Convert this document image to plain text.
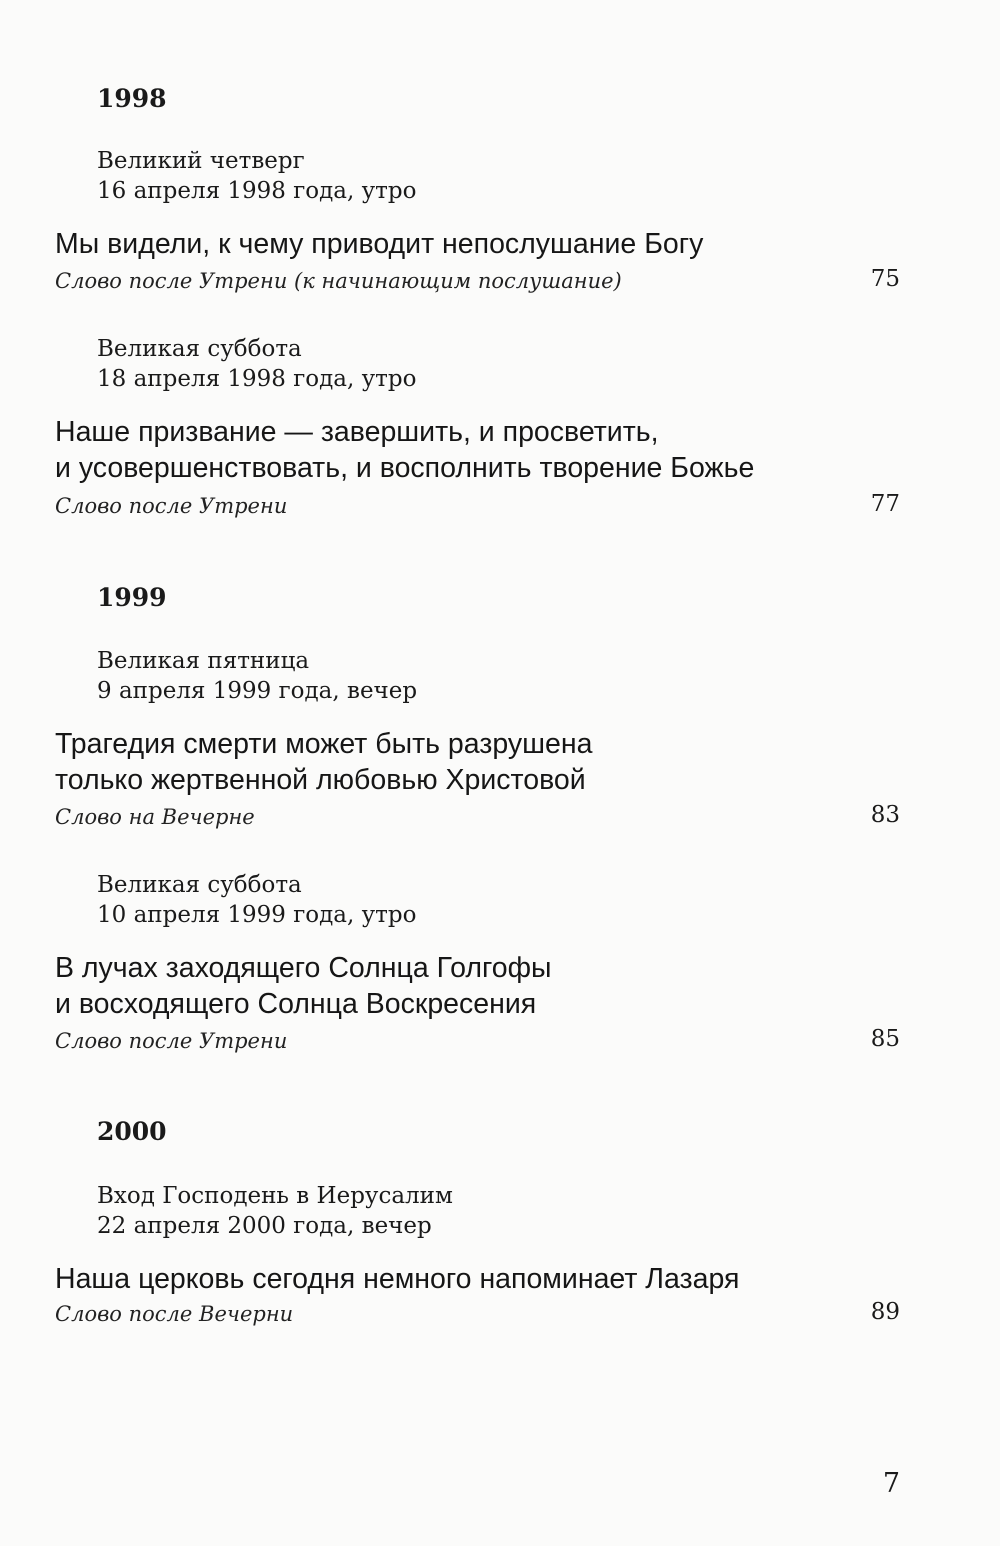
1998
Великий четверг
16 апреля 1998 года, утро
Мы видели, к чему приводит непослушание Богу
Слово после Утрени (к начинающим послушание)	75
Великая суббота
18 апреля 1998 года, утро
Наше призвание — завершить, и просветить,
и усовершенствовать, и восполнить творение Божье
Слово после Утрени	77
1999
Великая пятница
9 апреля 1999 года, вечер
Трагедия смерти может быть разрушена
только жертвенной любовью Христовой
Слово на Вечерне	83
Великая суббота
10 апреля 1999 года, утро
В лучах заходящего Солнца Голгофы
и восходящего Солнца Воскресения
Слово после Утрени	85
2000
Вход Господень в Иерусалим
22 апреля 2000 года, вечер
Наша церковь сегодня немного напоминает Лазаря
Слово после Вечерни	89
7
